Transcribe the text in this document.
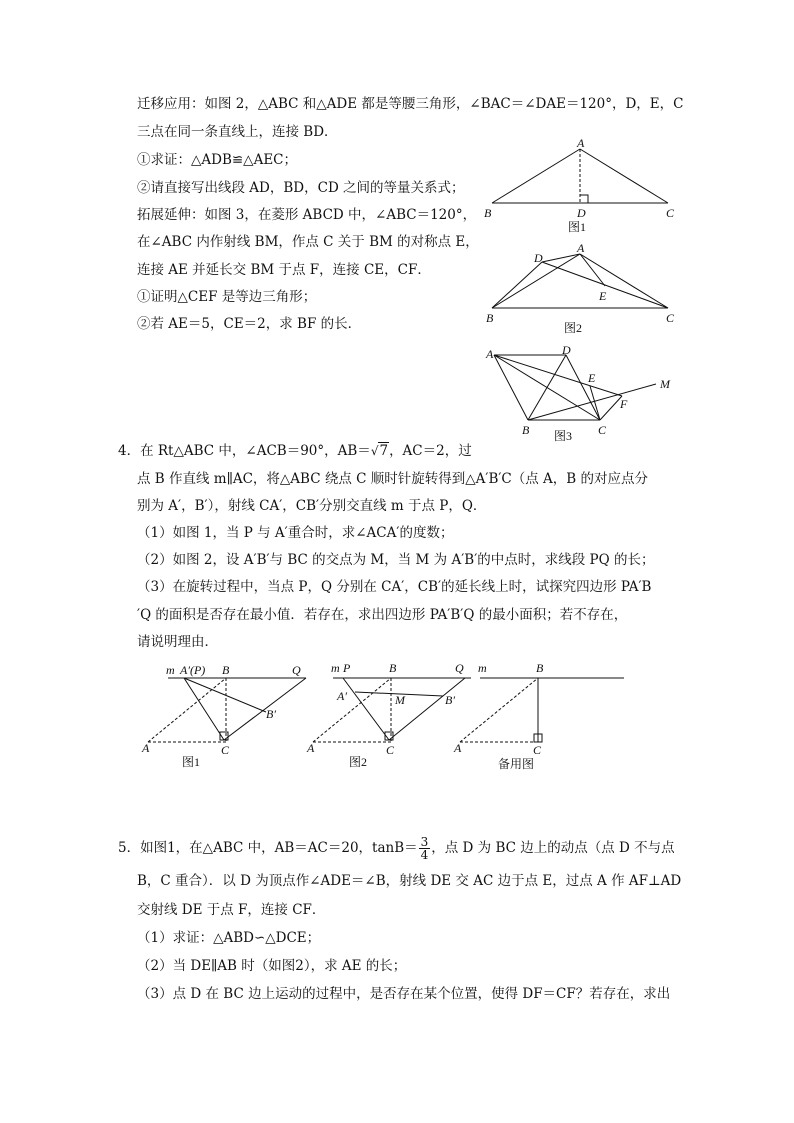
迁移应用：如图 2，△ABC 和△ADE 都是等腰三角形，∠BAC＝∠DAE＝120°，D，E，C
三点在同一条直线上，连接 BD．
①求证：△ADB≌△AEC；
②请直接写出线段 AD，BD，CD 之间的等量关系式；
拓展延伸：如图 3，在菱形 ABCD 中，∠ABC＝120°，
在∠ABC 内作射线 BM，作点 C 关于 BM 的对称点 E，
连接 AE 并延长交 BM 于点 F，连接 CE，CF．
①证明△CEF 是等边三角形；
②若 AE＝5，CE＝2，求 BF 的长．
A
B	D	C
图1
A
D
E
B	C
图2
A	D
E	M
F
B	C
图3
4．在 Rt△ABC 中，∠ACB＝90°，AB＝√7，AC＝2，过
点 B 作直线 m∥AC，将△ABC 绕点 C 顺时针旋转得到△A′B′C（点 A，B 的对应点分
别为 A′，B′），射线 CA′，CB′分别交直线 m 于点 P，Q．
（1）如图 1，当 P 与 A′重合时，求∠ACA′的度数；
（2）如图 2，设 A′B′与 BC 的交点为 M，当 M 为 A′B′的中点时，求线段 PQ 的长；
（3）在旋转过程中，当点 P，Q 分别在 CA′，CB′的延长线上时，试探究四边形 PA′B
′Q 的面积是否存在最小值．若存在，求出四边形 PA′B′Q 的最小面积；若不存在，
请说明理由．
m A′(P) B	Q
B′
A	C
图1
m P	B	Q
A′	M	B′
A	C
图2
m	B
A	C
备用图
5．如图1，在△ABC 中，AB＝AC＝20，$\tan B= \frac{3}{4}$ ，点 D 为 BC 边上的动点（点 D 不与点
B，C 重合）．以 D 为顶点作∠ADE＝∠B，射线 DE 交 AC 边于点 E，过点 A 作 AF⊥AD
交射线 DE 于点 F，连接 CF．
（1）求证：△ABD∽△DCE；
（2）当 DE∥AB 时（如图2），求 AE 的长；
（3）点 D 在 BC 边上运动的过程中，是否存在某个位置，使得 DF＝CF？若存在，求出
